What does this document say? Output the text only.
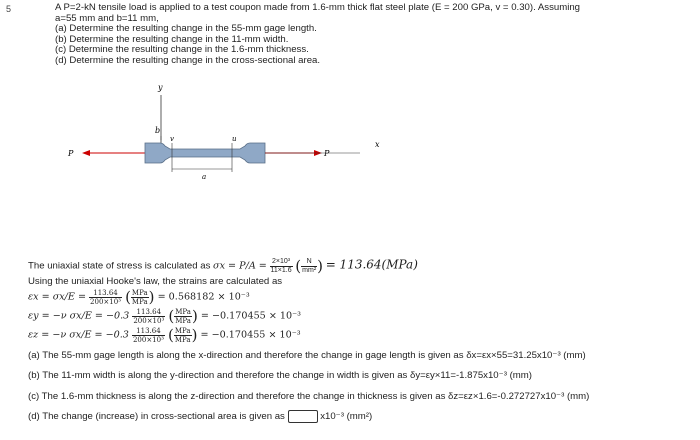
5	A P=2-kN tensile load is applied to a test coupon made from 1.6-mm thick flat steel plate (E = 200 GPa, v = 0.30). Assuming
a=55 mm and b=11 mm,
(a) Determine the resulting change in the 55-mm gage length.
(b) Determine the resulting change in the 11-mm width.
(c) Determine the resulting change in the 1.6-mm thickness.
(d) Determine the resulting change in the cross-sectional area.
y
b
P
v	u
a
P
x
The uniaxial state of stress is calculated as $\sigma x = P/A = \frac{\text{2×10³}}{11\times 1.6}$ ( $\frac{N}{\text{mm²}}$ ) = 113.64(MPa)
Using the uniaxial Hooke's law, the strains are calculated as
$\varepsilon x = \sigma x/E = \frac{113.64}{\text{200×10³}}$ ( $\frac{\text{MPa}}{\text{MPa}}$ ) = 0.568182 × 10⁻³
εy = −ν $\sigma x/E = -0.3 \frac{113.64}{\text{200×10³}}$ ( $\frac{\text{MPa}}{\text{MPa}}$ ) = −0.170455 × 10⁻³
εz = −ν $\sigma x/E = -0.3 \frac{113.64}{\text{200×10³}}$ ( $\frac{\text{MPa}}{\text{MPa}}$ ) = −0.170455 × 10⁻³
(a) The 55-mm gage length is along the x-direction and therefore the change in gage length is given as δx=εx×55=31.25x10⁻³ (mm)
(b) The 11-mm width is along the y-direction and therefore the change in width is given as δy=εy×11=-1.875x10⁻³ (mm)
(c) The 1.6-mm thickness is along the z-direction and therefore the change in thickness is given as δz=εz×1.6=-0.272727x10⁻³ (mm)
(d) The change (increase) in cross-sectional area is given as	x10⁻³ (mm²)
